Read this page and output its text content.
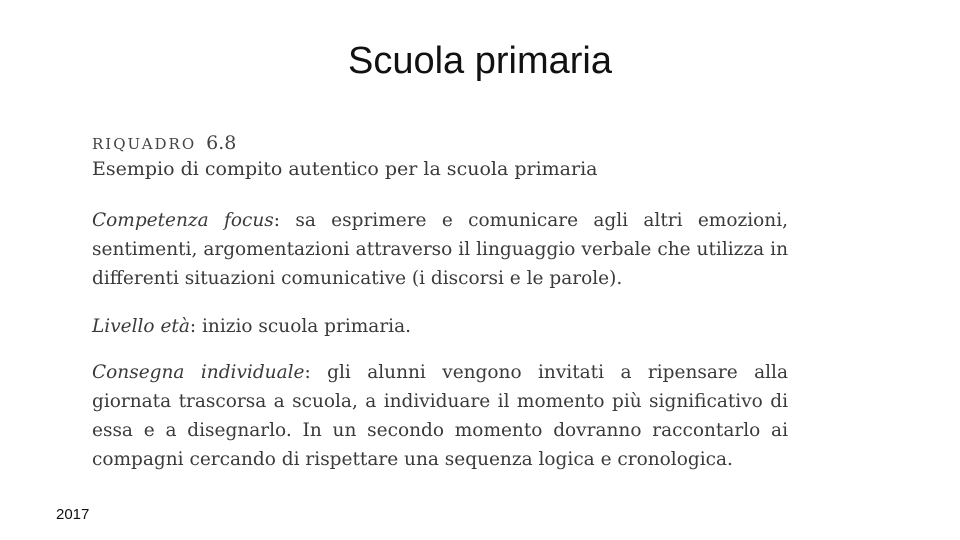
Scuola primaria
RIQUADRO 6.8
Esempio di compito autentico per la scuola primaria
Competenza focus: sa esprimere e comunicare agli altri emozioni, sentimenti, argomentazioni attraverso il linguaggio verbale che utilizza in differenti situazioni comunicative (i discorsi e le parole).
Livello età: inizio scuola primaria.
Consegna individuale: gli alunni vengono invitati a ripensare alla giornata trascorsa a scuola, a individuare il momento più significativo di essa e a disegnarlo. In un secondo momento dovranno raccontarlo ai compagni cercando di rispettare una sequenza logica e cronologica.
2017
